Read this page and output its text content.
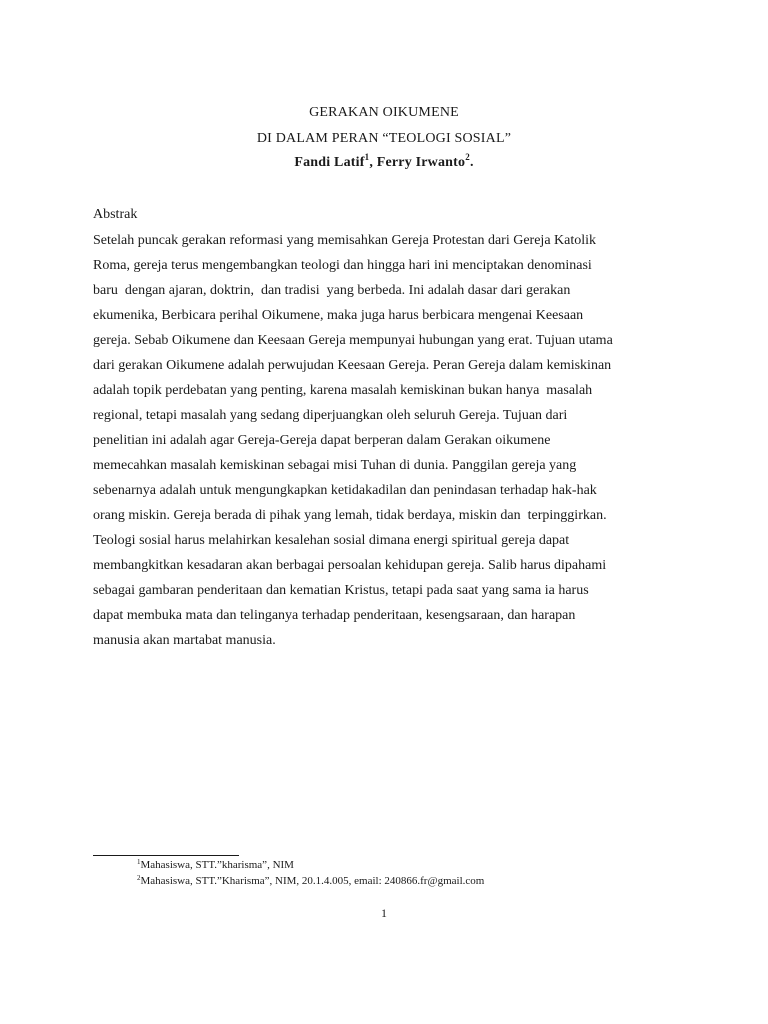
GERAKAN OIKUMENE
DI DALAM PERAN “TEOLOGI SOSIAL”
Fandi Latif$^1$, Ferry Irwanto$^2$.
Abstrak
Setelah puncak gerakan reformasi yang memisahkan Gereja Protestan dari Gereja Katolik
Roma, gereja terus mengembangkan teologi dan hingga hari ini menciptakan denominasi
baru  dengan ajaran, doktrin,  dan tradisi  yang berbeda. Ini adalah dasar dari gerakan
ekumenika, Berbicara perihal Oikumene, maka juga harus berbicara mengenai Keesaan
gereja. Sebab Oikumene dan Keesaan Gereja mempunyai hubungan yang erat. Tujuan utama
dari gerakan Oikumene adalah perwujudan Keesaan Gereja. Peran Gereja dalam kemiskinan
adalah topik perdebatan yang penting, karena masalah kemiskinan bukan hanya  masalah
regional, tetapi masalah yang sedang diperjuangkan oleh seluruh Gereja. Tujuan dari
penelitian ini adalah agar Gereja-Gereja dapat berperan dalam Gerakan oikumene
memecahkan masalah kemiskinan sebagai misi Tuhan di dunia. Panggilan gereja yang
sebenarnya adalah untuk mengungkapkan ketidakadilan dan penindasan terhadap hak-hak
orang miskin. Gereja berada di pihak yang lemah, tidak berdaya, miskin dan  terpinggirkan.
Teologi sosial harus melahirkan kesalehan sosial dimana energi spiritual gereja dapat
membangkitkan kesadaran akan berbagai persoalan kehidupan gereja. Salib harus dipahami
sebagai gambaran penderitaan dan kematian Kristus, tetapi pada saat yang sama ia harus
dapat membuka mata dan telinganya terhadap penderitaan, kesengsaraan, dan harapan
manusia akan martabat manusia.
$^1$Mahasiswa, STT.”kharisma”, NIM
$^2$Mahasiswa, STT.”Kharisma”, NIM, 20.1.4.005, email: 240866.fr@gmail.com
1
